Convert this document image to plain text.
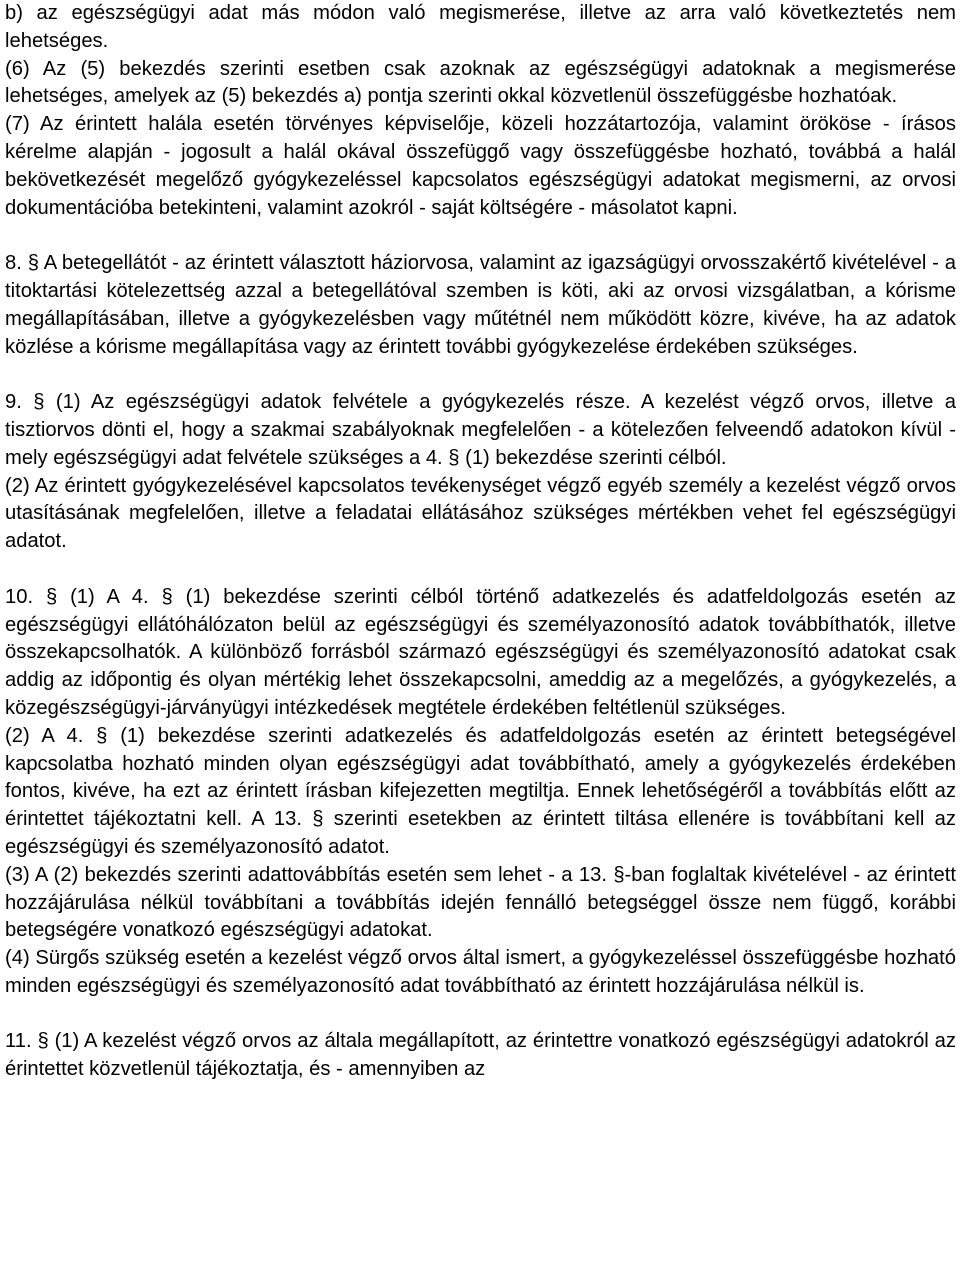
b) az egészségügyi adat más módon való megismerése, illetve az arra való következtetés nem lehetséges.

(6) Az (5) bekezdés szerinti esetben csak azoknak az egészségügyi adatoknak a megismerése lehetséges, amelyek az (5) bekezdés a) pontja szerinti okkal közvetlenül összefüggésbe hozhatóak.

(7) Az érintett halála esetén törvényes képviselője, közeli hozzátartozója, valamint örököse - írásos kérelme alapján - jogosult a halál okával összefüggő vagy összefüggésbe hozható, továbbá a halál bekövetkezését megelőző gyógykezeléssel kapcsolatos egészségügyi adatokat megismerni, az orvosi dokumentációba betekinteni, valamint azokról - saját költségére - másolatot kapni.

8. § A betegellátót - az érintett választott háziorvosa, valamint az igazságügyi orvosszakértő kivételével - a titoktartási kötelezettség azzal a betegellátóval szemben is köti, aki az orvosi vizsgálatban, a kórisme megállapításában, illetve a gyógykezelésben vagy műtétnél nem működött közre, kivéve, ha az adatok közlése a kórisme megállapítása vagy az érintett további gyógykezelése érdekében szükséges.

9. § (1) Az egészségügyi adatok felvétele a gyógykezelés része. A kezelést végző orvos, illetve a tisztiorvos dönti el, hogy a szakmai szabályoknak megfelelően - a kötelezően felveendő adatokon kívül - mely egészségügyi adat felvétele szükséges a 4. § (1) bekezdése szerinti célból.

(2) Az érintett gyógykezelésével kapcsolatos tevékenységet végző egyéb személy a kezelést végző orvos utasításának megfelelően, illetve a feladatai ellátásához szükséges mértékben vehet fel egészségügyi adatot.

10. § (1) A 4. § (1) bekezdése szerinti célból történő adatkezelés és adatfeldolgozás esetén az egészségügyi ellátóhálózaton belül az egészségügyi és személyazonosító adatok továbbíthatók, illetve összekapcsolhatók. A különböző forrásból származó egészségügyi és személyazonosító adatokat csak addig az időpontig és olyan mértékig lehet összekapcsolni, ameddig az a megelőzés, a gyógykezelés, a közegészségügyi-járványügyi intézkedések megtétele érdekében feltétlenül szükséges.

(2) A 4. § (1) bekezdése szerinti adatkezelés és adatfeldolgozás esetén az érintett betegségével kapcsolatba hozható minden olyan egészségügyi adat továbbítható, amely a gyógykezelés érdekében fontos, kivéve, ha ezt az érintett írásban kifejezetten megtiltja. Ennek lehetőségéről a továbbítás előtt az érintettet tájékoztatni kell. A 13. § szerinti esetekben az érintett tiltása ellenére is továbbítani kell az egészségügyi és személyazonosító adatot.

(3) A (2) bekezdés szerinti adattovábbítás esetén sem lehet - a 13. §-ban foglaltak kivételével - az érintett hozzájárulása nélkül továbbítani a továbbítás idején fennálló betegséggel össze nem függő, korábbi betegségére vonatkozó egészségügyi adatokat.

(4) Sürgős szükség esetén a kezelést végző orvos által ismert, a gyógykezeléssel összefüggésbe hozható minden egészségügyi és személyazonosító adat továbbítható az érintett hozzájárulása nélkül is.

11. § (1) A kezelést végző orvos az általa megállapított, az érintettre vonatkozó egészségügyi adatokról az érintettet közvetlenül tájékoztatja, és - amennyiben az
